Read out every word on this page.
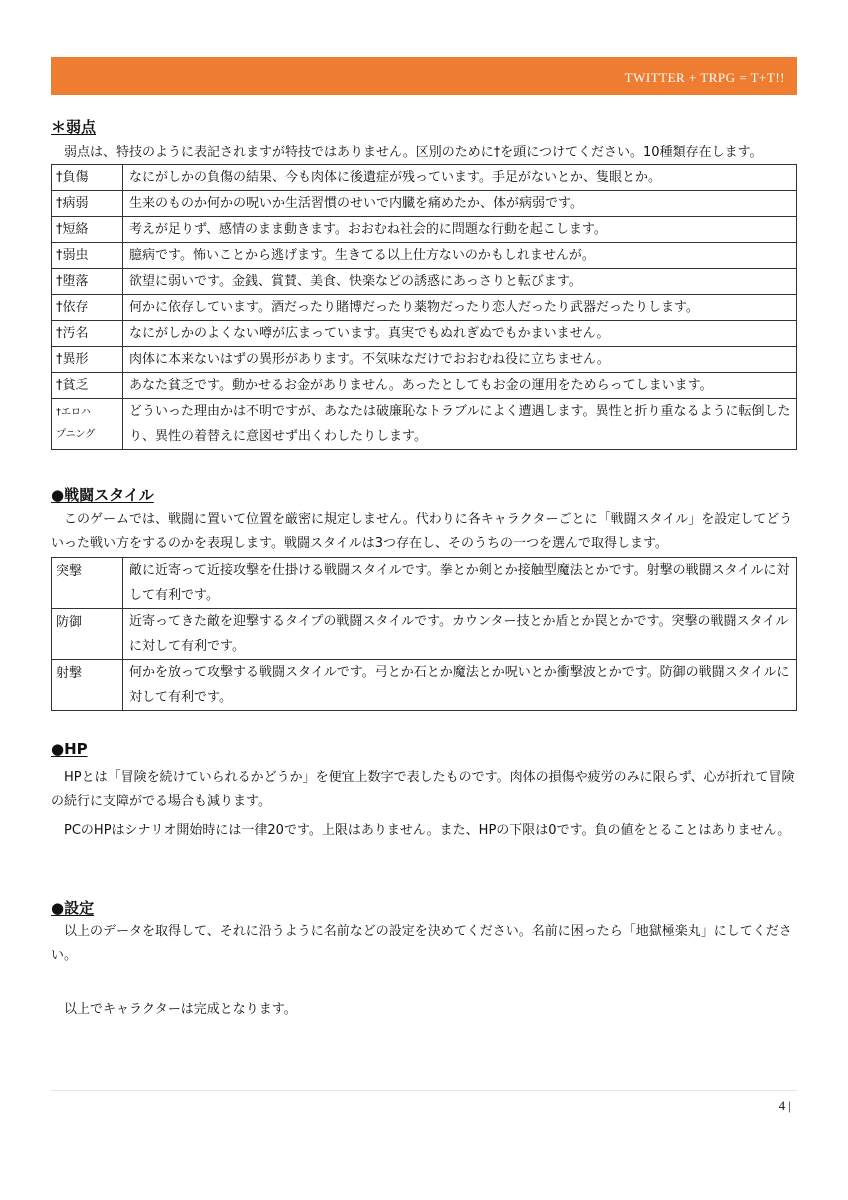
TWITTER + TRPG = T+T!!
＊弱点
弱点は、特技のように表記されますが特技ではありません。区別のために†を頭につけてください。10種類存在します。
†負傷	なにがしかの負傷の結果、今も肉体に後遺症が残っています。手足がないとか、隻眼とか。
†病弱	生来のものか何かの呪いか生活習慣のせいで内臓を痛めたか、体が病弱です。
†短絡	考えが足りず、感情のまま動きます。おおむね社会的に問題な行動を起こします。
†弱虫	臆病です。怖いことから逃げます。生きてる以上仕方ないのかもしれませんが。
†堕落	欲望に弱いです。金銭、賞賛、美食、快楽などの誘惑にあっさりと転びます。
†依存	何かに依存しています。酒だったり賭博だったり薬物だったり恋人だったり武器だったりします。
†汚名	なにがしかのよくない噂が広まっています。真実でもぬれぎぬでもかまいません。
†異形	肉体に本来ないはずの異形があります。不気味なだけでおおむね役に立ちません。
†貧乏	あなた貧乏です。動かせるお金がありません。あったとしてもお金の運用をためらってしまいます。

†エロハ
プニング	どういった理由かは不明ですが、あなたは破廉恥なトラブルによく遭遇します。異性と折り重なるように転倒したり、異性の着替えに意図せず出くわしたりします。
●戦闘スタイル
このゲームでは、戦闘に置いて位置を厳密に規定しません。代わりに各キャラクターごとに「戦闘スタイル」を設定してどういった戦い方をするのかを表現します。戦闘スタイルは3つ存在し、そのうちの一つを選んで取得します。
突撃	敵に近寄って近接攻撃を仕掛ける戦闘スタイルです。拳とか剣とか接触型魔法とかです。射撃の戦闘スタイルに対して有利です。
防御	近寄ってきた敵を迎撃するタイプの戦闘スタイルです。カウンター技とか盾とか罠とかです。突撃の戦闘スタイルに対して有利です。
射撃	何かを放って攻撃する戦闘スタイルです。弓とか石とか魔法とか呪いとか衝撃波とかです。防御の戦闘スタイルに対して有利です。
●HP
HPとは「冒険を続けていられるかどうか」を便宜上数字で表したものです。肉体の損傷や疲労のみに限らず、心が折れて冒険の続行に支障がでる場合も減ります。
PCのHPはシナリオ開始時には一律20です。上限はありません。また、HPの下限は0です。負の値をとることはありません。
●設定
以上のデータを取得して、それに沿うように名前などの設定を決めてください。名前に困ったら「地獄極楽丸」にしてください。
以上でキャラクターは完成となります。
4 |
